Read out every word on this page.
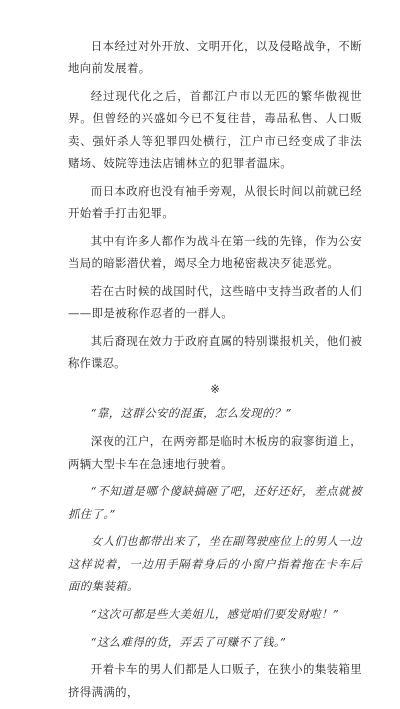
日本经过对外开放、文明开化，以及侵略战争，不断地向前发展着。

经过现代化之后，首都江户市以无匹的繁华傲视世界。但曾经的兴盛如今已不复往昔，毒品私售、人口贩卖、强奸杀人等犯罪四处横行，江户市已经变成了非法赌场、妓院等违法店铺林立的犯罪者温床。

而日本政府也没有袖手旁观，从很长时间以前就已经开始着手打击犯罪。

其中有许多人都作为战斗在第一线的先锋，作为公安当局的暗影潜伏着，竭尽全力地秘密裁决歹徒恶党。

若在古时候的战国时代，这些暗中支持当政者的人们——即是被称作忍者的一群人。

其后裔现在效力于政府直属的特别谍报机关，他们被称作谍忍。

※

“靠，这群公安的混蛋，怎么发现的？”

深夜的江户，在两旁都是临时木板房的寂寥街道上，两辆大型卡车在急速地行驶着。

“不知道是哪个傻缺搞砸了吧，还好还好，差点就被抓住了。”

女人们也都带出来了，坐在副驾驶座位上的男人一边这样说着，一边用手隔着身后的小窗户指着拖在卡车后面的集装箱。

“这次可都是些大美姐儿，感觉咱们要发财啦！”

“这么难得的货，弄丢了可赚不了钱。”

开着卡车的男人们都是人口贩子，在狭小的集装箱里挤得满满的，
